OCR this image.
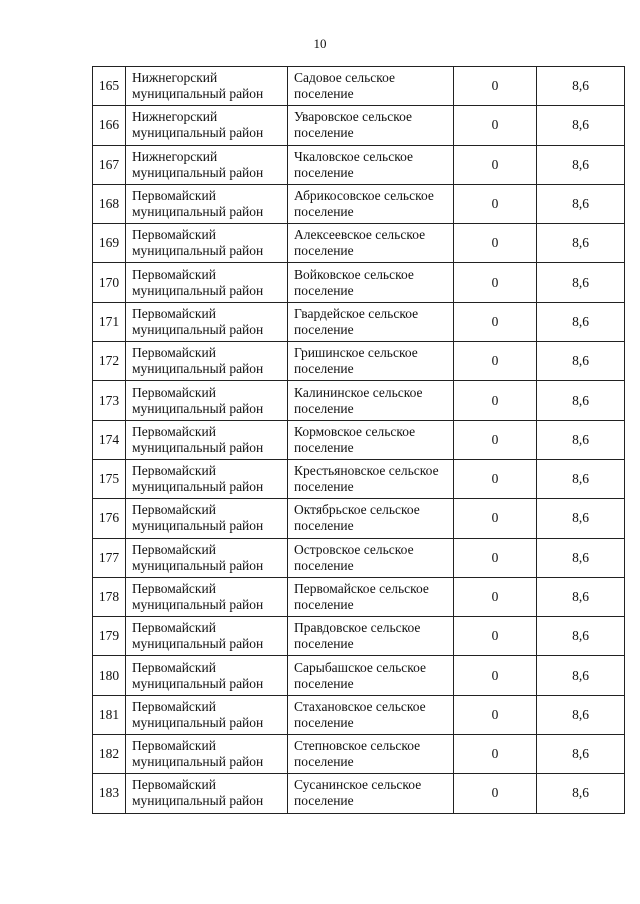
10
165	Нижнегорский муниципальный район	Садовое сельское поселение	0	8,6

166	Нижнегорский муниципальный район	Уваровское сельское поселение	0	8,6

167	Нижнегорский муниципальный район	Чкаловское сельское поселение	0	8,6

168	Первомайский муниципальный район	Абрикосовское сельское поселение	0	8,6

169	Первомайский муниципальный район	Алексеевское сельское поселение	0	8,6

170	Первомайский муниципальный район	Войковское сельское поселение	0	8,6

171	Первомайский муниципальный район	Гвардейское сельское поселение	0	8,6

172	Первомайский муниципальный район	Гришинское сельское поселение	0	8,6

173	Первомайский муниципальный район	Калининское сельское поселение	0	8,6

174	Первомайский муниципальный район	Кормовское сельское поселение	0	8,6

175	Первомайский муниципальный район	Крестьяновское сельское поселение	0	8,6

176	Первомайский муниципальный район	Октябрьское сельское поселение	0	8,6

177	Первомайский муниципальный район	Островское сельское поселение	0	8,6

178	Первомайский муниципальный район	Первомайское сельское поселение	0	8,6

179	Первомайский муниципальный район	Правдовское сельское поселение	0	8,6

180	Первомайский муниципальный район	Сарыбашское сельское поселение	0	8,6

181	Первомайский муниципальный район	Стахановское сельское поселение	0	8,6

182	Первомайский муниципальный район	Степновское сельское поселение	0	8,6

183	Первомайский муниципальный район	Сусанинское сельское поселение	0	8,6
